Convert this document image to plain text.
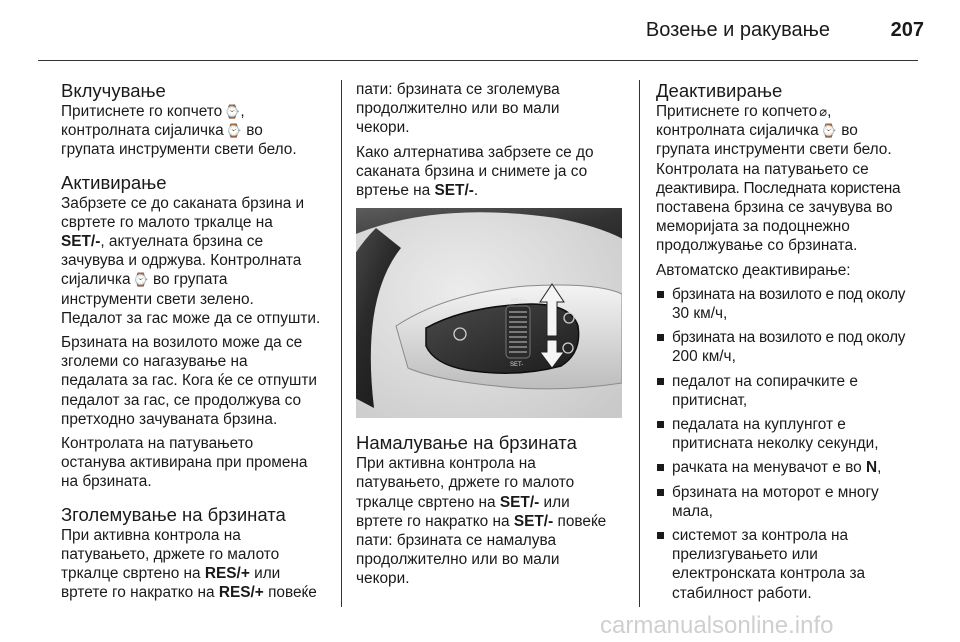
Возење и ракување	207
Вклучување

Притиснете го копчето ⌚,
контролната сијаличка ⌚ во
групата инструменти свети бело.

Активирање

Забрзете се до саканата брзина и
свртете го малото тркалце на
SET/-, актуелната брзина се
зачувува и одржува. Контролната
сијаличка ⌚ во групата
инструменти свети зелено.
Педалот за гас може да се отпушти.

Брзината на возилото може да се
зголеми со нагазување на
педалата за гас. Кога ќе се отпушти
педалот за гас, се продолжува со
претходно зачуваната брзина.

Контролата на патувањето
останува активирана при промена
на брзината.

Зголемување на брзината

При активна контрола на
патувањето, држете го малото
тркалце свртено на RES/+ или
вртете го накратко на RES/+ повеќе

пати: брзината се зголемува
продолжително или во мали
чекори.

Како алтернатива забрзете се до
саканата брзина и снимете ја со
вртење на SET/-.

RES+
SET-
Намалување на брзината

При активна контрола на
патувањето, држете го малото
тркалце свртено на SET/- или
вртете го накратко на SET/- повеќе
пати: брзината се намалува
продолжително или во мали
чекори.

Деактивирање

Притиснете го копчето ⌀,
контролната сијаличка ⌚ во
групата инструменти свети бело.
Контролата на патувањето се
деактивира. Последната користена
поставена брзина се зачувува во
меморијата за подоцнежно
продолжување со брзината.

Автоматско деактивирање:

брзината на возилото е под околу
30 км/ч,
брзината на возилото е под околу
200 км/ч,
педалот на сопирачките е
притиснат,
педалата на куплунгот е
притисната неколку секунди,
рачката на менувачот е во N,
брзината на моторот е многу
мала,
системот за контрола на
прелизгувањето или
електронската контрола за
стабилност работи.
carmanualsonline.info
